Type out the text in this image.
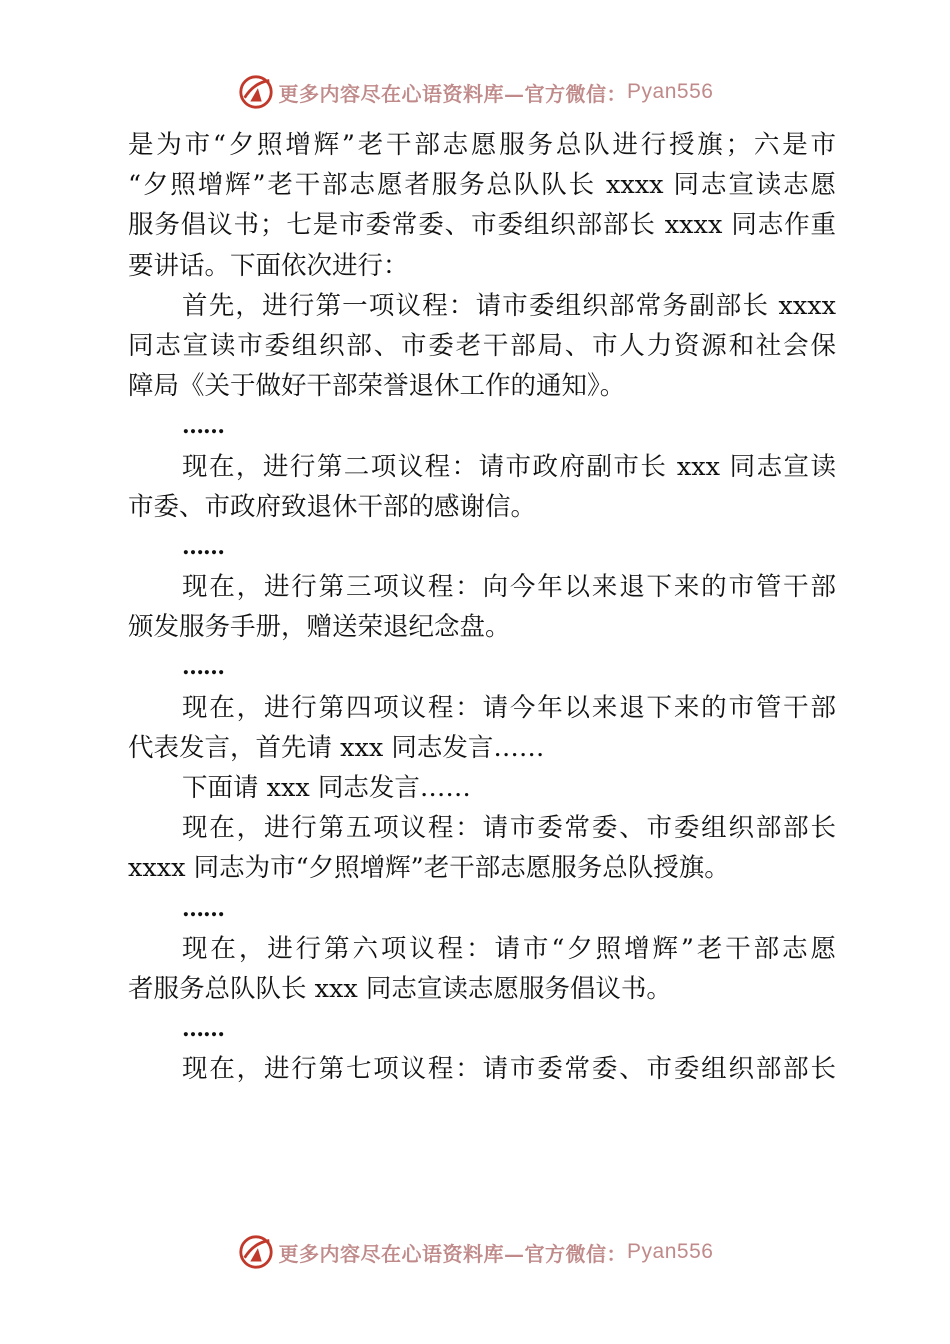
更多内容尽在心语资料库—官方微信： Pyan556
是为市“夕照增辉”老干部志愿服务总队进行授旗；六是市
“夕照增辉”老干部志愿者服务总队队长 xxxx 同志宣读志愿
服务倡议书；七是市委常委、市委组织部部长 xxxx 同志作重
要讲话。下面依次进行：
首先，进行第一项议程：请市委组织部常务副部长 xxxx
同志宣读市委组织部、市委老干部局、市人力资源和社会保
障局《关于做好干部荣誉退休工作的通知》。
……
现在，进行第二项议程：请市政府副市长 xxx 同志宣读
市委、市政府致退休干部的感谢信。
……
现在，进行第三项议程：向今年以来退下来的市管干部
颁发服务手册，赠送荣退纪念盘。
……
现在，进行第四项议程：请今年以来退下来的市管干部
代表发言，首先请 xxx 同志发言……
下面请 xxx 同志发言……
现在，进行第五项议程：请市委常委、市委组织部部长
xxxx 同志为市“夕照增辉”老干部志愿服务总队授旗。
……
现在，进行第六项议程：请市“夕照增辉”老干部志愿
者服务总队队长 xxx 同志宣读志愿服务倡议书。
……
现在，进行第七项议程：请市委常委、市委组织部部长
更多内容尽在心语资料库—官方微信： Pyan556
